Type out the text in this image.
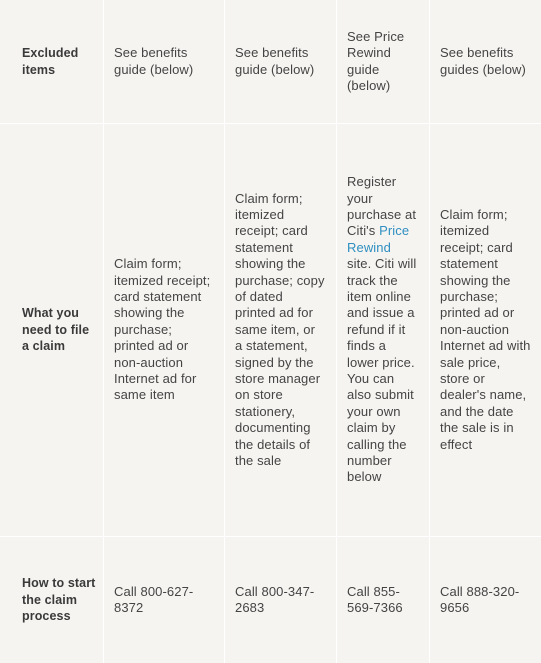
Excluded items
See benefits guide (below)
See benefits guide (below)
See Price Rewind guide (below)
See benefits guides (below)
What you need to file a claim
Claim form; itemized receipt; card statement showing the purchase; printed ad or non-auction Internet ad for same item
Claim form; itemized receipt; card statement showing the purchase; copy of dated printed ad for same item, or a statement, signed by the store manager on store stationery, documenting the details of the sale
Register your purchase at Citi's Price Rewind site. Citi will track the item online and issue a refund if it finds a lower price. You can also submit your own claim by calling the number below
Claim form; itemized receipt; card statement showing the purchase; printed ad or non-auction Internet ad with sale price, store or dealer's name, and the date the sale is in effect
How to start the claim process
Call 800-627-8372
Call 800-347-2683
Call 855-569-7366
Call 888-320-9656
